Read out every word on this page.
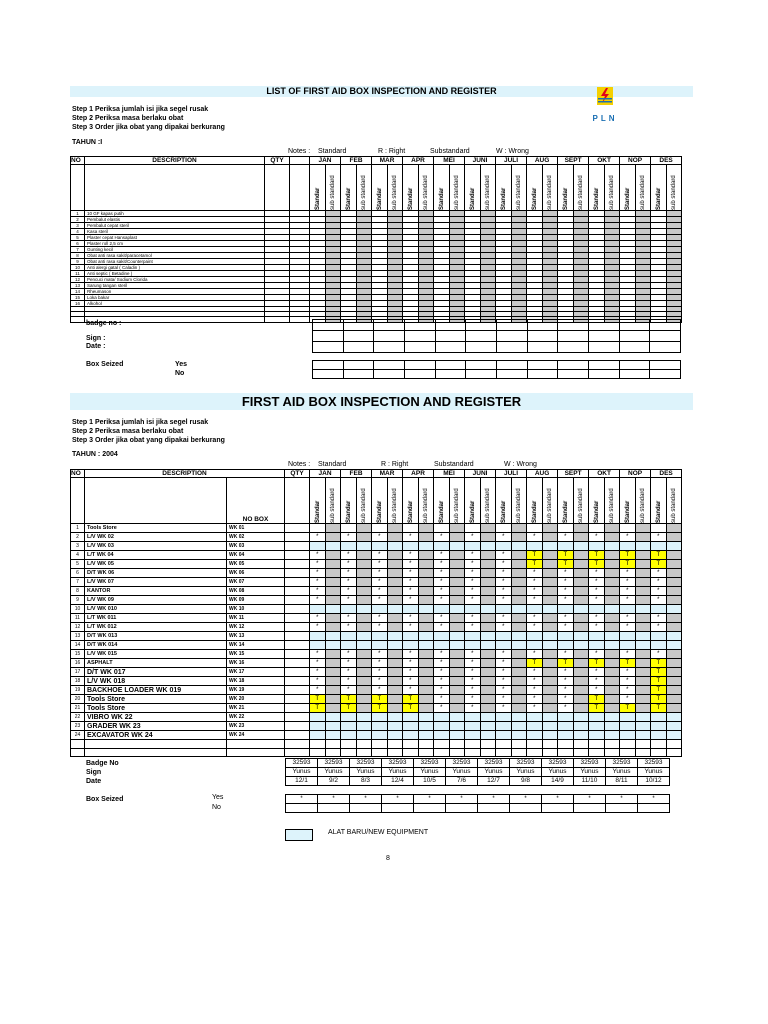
LIST OF FIRST AID BOX INSPECTION AND REGISTER
PLN
Step 1 Periksa jumlah isi jika segel rusak
Step 2 Periksa masa berlaku obat
Step 3 Order jika obat yang dipakai berkurang
TAHUN :I
Notes : Standard	R : Right	Substandard	W : Wrong
NO	DESCRIPTION	QTY		JAN		FEB		MAR		APR		MEI		JUNI		JULI		AUG		SEPT		OKT		NOP		DES	
				Standar	sub standard	Standar	sub standard	Standar	sub standard	Standar	sub standard	Standar	sub standard	Standar	sub standard	Standar	sub standard	Standar	sub standard	Standar	sub standard	Standar	sub standard	Standar	sub standard	Standar	sub standard
1	10 GF kapas putih																										
2	Pembalut elastis																										
3	Pembalut cepat steril																										
4	Kasa steril																										
5	Plaster cepat Hansaplast																										
6	Plaster roll 2,5 cm																										
7	Gunting kecil																										
8	Obat anti rasa sakit/paracetamol																										
9	Obat anti rasa sakit/Counterpaint																										
10	Anti alergi gatal ( Caladin )																										
11	Anti septic ( Betadine )																										
12	Pencuci mata/ Sodium Clorida																										
13	Sarung tangan steril																										
14	Rheumason																										
15	Loka bakar																										
16	Alkohol																										

badge no :
Sign :
Date :
Box Seized	Yes
No

FIRST AID BOX INSPECTION AND REGISTER
Step 1 Periksa jumlah isi jika segel rusak
Step 2 Periksa masa berlaku obat
Step 3 Order jika obat yang dipakai berkurang
TAHUN : 2004
Notes : Standard	R : Right	Substandard	W : Wrong
NO	DESCRIPTION		QTY	JAN		FEB		MAR		APR		MEI		JUNI		JULI		AUG		SEPT		OKT		NOP		DES	
		NO BOX		Standar	sub standard	Standar	sub standard	Standar	sub standard	Standar	sub standard	Standar	sub standard	Standar	sub standard	Standar	sub standard	Standar	sub standard	Standar	sub standard	Standar	sub standard	Standar	sub standard	Standar	sub standard
1	Tools Store	WK 01																									
2	L/V WK 02	WK 02		*		*		*		*		*		*		*		*		*		*		*		*	
3	L/V WK 03	WK 03																									
4	L/T WK 04	WK 04		*		*		*		*		*		*		*		T		T		T		T		T	
5	L/V WK 05	WK 05		*		*		*		*		*		*		*		T		T		T		T		T	
6	D/T WK 06	WK 06		*		*		*		*		*		*		*		*		*		*		*		*	
7	L/V WK 07	WK 07		*		*		*		*		*		*		*		*		*		*		*		*	
8	KANTOR	WK 08		*		*		*		*		*		*		*		*		*		*		*		*	
9	L/V WK 09	WK 09		*		*		*		*		*		*		*		*		*		*		*		*	
10	L/V WK 010	WK 10																									
11	L/T WK 011	WK 11		*		*		*		*		*		*		*		*		*		*		*		*	
12	L/T WK 012	WK 12		*		*		*		*		*		*		*		*		*		*		*		*	
13	D/T WK 013	WK 13																									
14	D/T WK 014	WK 14																									
15	L/V WK 015	WK 15		*		*		*		*		*		*		*		*		*		*		*		*	
16	ASPHALT	WK 16		*		*		*		*		*		*		*		T		T		T		T		T	
17	D/T WK 017	WK 17		*		*		*		*		*		*		*		*		*		*		*		T	
18	L/V WK 018	WK 18		*		*		*		*		*		*		*		*		*		*		*		T	
19	BACKHOE LOADER WK 019	WK 19		*		*		*		*		*		*		*		*		*		*		*		T	
20	Tools Store	WK 20		T		T		T		T		*		*		*		*		*		T		*		T	
21	Tools Store	WK 21		T		T		T		T		*		*		*		*		*		T		T		T	
22	VIBRO WK 22	WK 22																									
23	GRADER WK 23	WK 23																									
24	EXCAVATOR WK 24	WK 24																									

Badge No
Sign
Date
Box Seized	Yes
No
32593	32593	32593	32593	32593	32593	32593	32593	32593	32593	32593	32593
Yunus	Yunus	Yunus	Yunus	Yunus	Yunus	Yunus	Yunus	Yunus	Yunus	Yunus	Yunus
12/1	9/2	8/3	12/4	10/5	7/6	12/7	9/8	14/9	11/10	8/11	10/12
*	*	*	*	*	*	*	*	*	*	*	*

ALAT BARU/NEW EQUIPMENT
8
